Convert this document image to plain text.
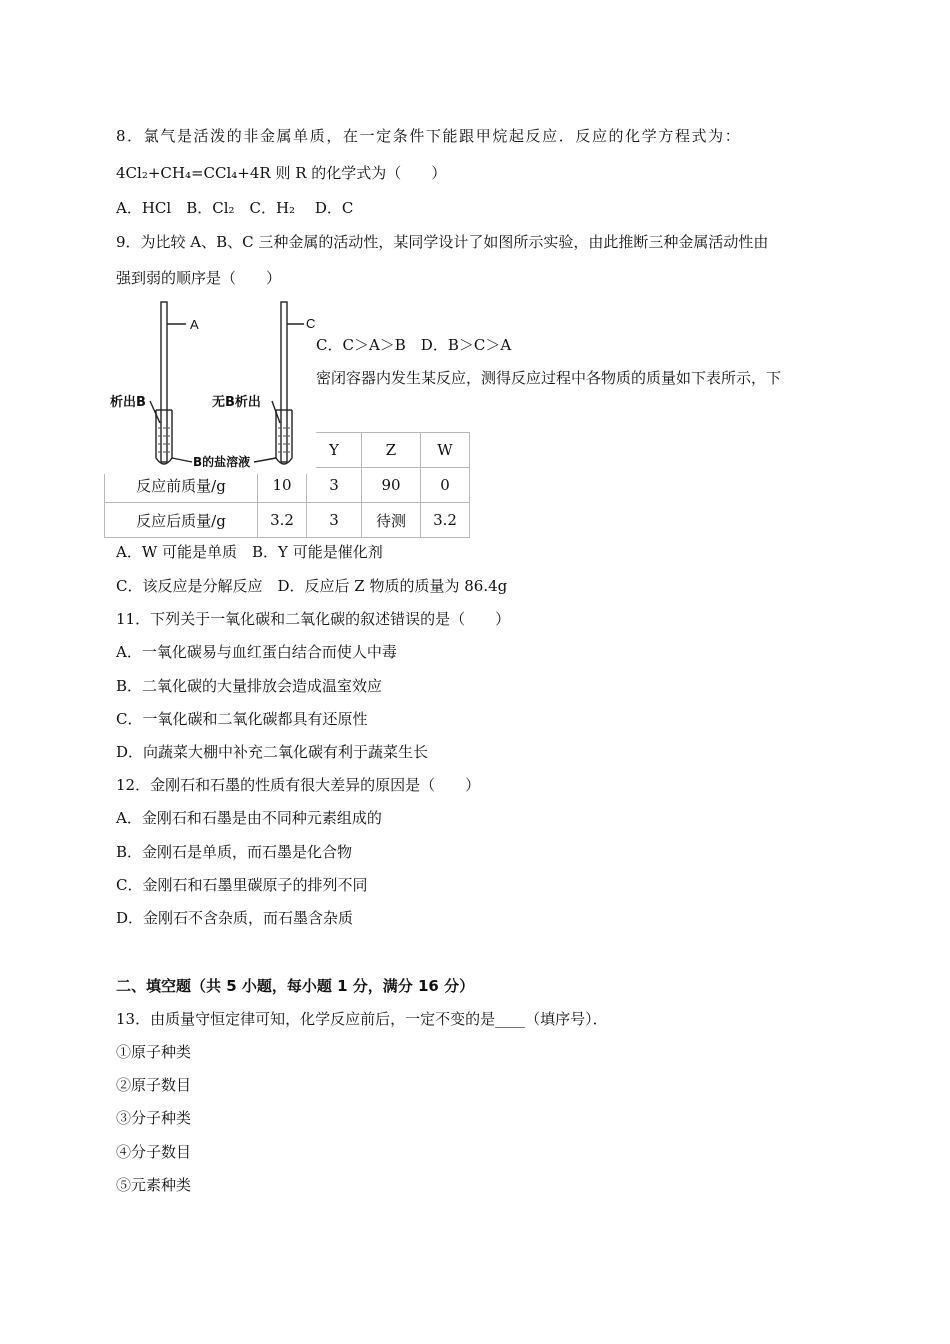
8．氯气是活泼的非金属单质，在一定条件下能跟甲烷起反应．反应的化学方程式为：
4Cl₂+CH₄=CCl₄+4R 则 R 的化学式为（　　）
A．HCl　B．Cl₂　C．H₂　 D．C
9．为比较 A、B、C 三种金属的活动性，某同学设计了如图所示实验，由此推断三种金属活动性由
强到弱的顺序是（　　）
C．C＞A＞B　D．B＞C＞A
密闭容器内发生某反应，测得反应过程中各物质的质量如下表所示，下
		Y	Z	W
反应前质量/g	10	3	90	0
反应后质量/g	3.2	3	待测	3.2
A	C
析出B	无B析出
B的盐溶液
A．W 可能是单质　B．Y 可能是催化剂
C．该反应是分解反应　D．反应后 Z 物质的质量为 86.4g
11．下列关于一氧化碳和二氧化碳的叙述错误的是（　　）
A．一氧化碳易与血红蛋白结合而使人中毒
B．二氧化碳的大量排放会造成温室效应
C．一氧化碳和二氧化碳都具有还原性
D．向蔬菜大棚中补充二氧化碳有利于蔬菜生长
12．金刚石和石墨的性质有很大差异的原因是（　　）
A．金刚石和石墨是由不同种元素组成的
B．金刚石是单质，而石墨是化合物
C．金刚石和石墨里碳原子的排列不同
D．金刚石不含杂质，而石墨含杂质
二、填空题（共 5 小题，每小题 1 分，满分 16 分）
13．由质量守恒定律可知，化学反应前后，一定不变的是____（填序号）．
①原子种类
②原子数目
③分子种类
④分子数目
⑤元素种类
